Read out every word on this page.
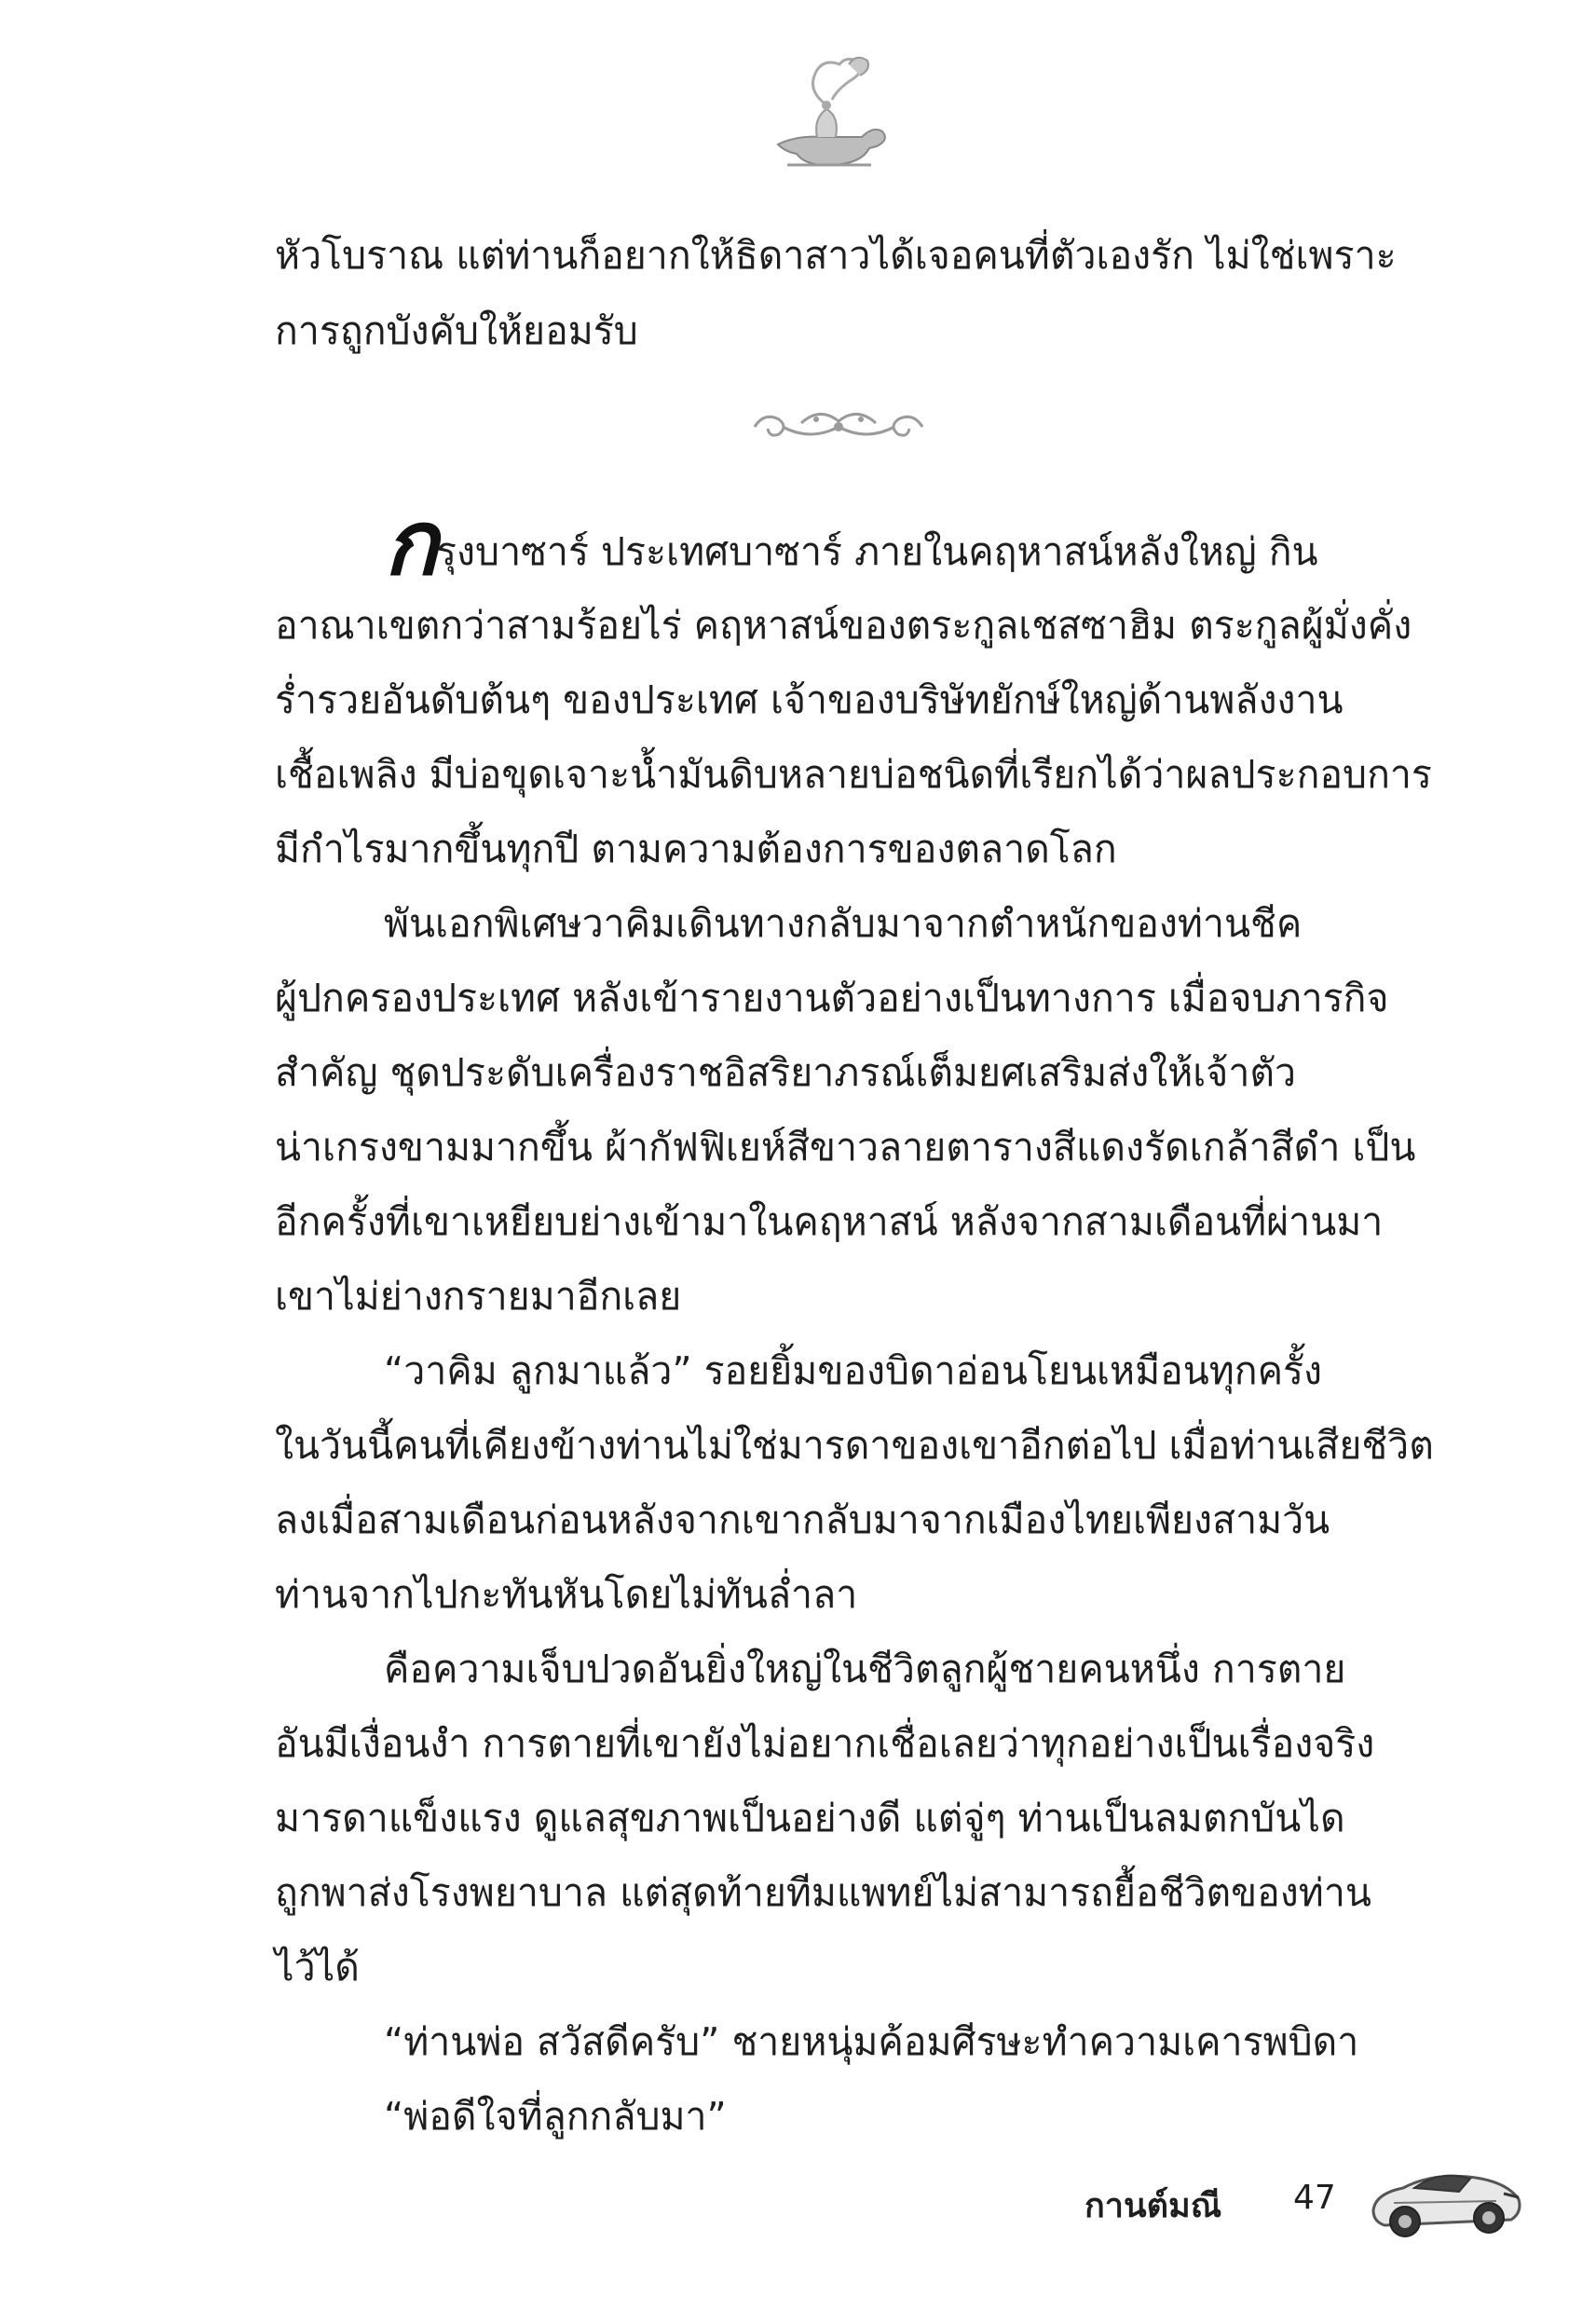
หัวโบราณ แต่ท่านก็อยากให้ธิดาสาวได้เจอคนที่ตัวเองรัก ไม่ใช่เพราะ
การถูกบังคับให้ยอมรับ
ก
รุงบาซาร์ ประเทศบาซาร์ ภายในคฤหาสน์หลังใหญ่ กิน
อาณาเขตกว่าสามร้อยไร่ คฤหาสน์ของตระกูลเชสซาฮิม ตระกูลผู้มั่งคั่ง
ร่ำรวยอันดับต้นๆ ของประเทศ เจ้าของบริษัทยักษ์ใหญ่ด้านพลังงาน
เชื้อเพลิง มีบ่อขุดเจาะน้ำมันดิบหลายบ่อชนิดที่เรียกได้ว่าผลประกอบการ
มีกำไรมากขึ้นทุกปี ตามความต้องการของตลาดโลก
พันเอกพิเศษวาคิมเดินทางกลับมาจากตำหนักของท่านชีค
ผู้ปกครองประเทศ หลังเข้ารายงานตัวอย่างเป็นทางการ เมื่อจบภารกิจ
สำคัญ ชุดประดับเครื่องราชอิสริยาภรณ์เต็มยศเสริมส่งให้เจ้าตัว
น่าเกรงขามมากขึ้น ผ้ากัฟฟิเยห์สีขาวลายตารางสีแดงรัดเกล้าสีดำ เป็น
อีกครั้งที่เขาเหยียบย่างเข้ามาในคฤหาสน์ หลังจากสามเดือนที่ผ่านมา
เขาไม่ย่างกรายมาอีกเลย
“วาคิม ลูกมาแล้ว” รอยยิ้มของบิดาอ่อนโยนเหมือนทุกครั้ง
ในวันนี้คนที่เคียงข้างท่านไม่ใช่มารดาของเขาอีกต่อไป เมื่อท่านเสียชีวิต
ลงเมื่อสามเดือนก่อนหลังจากเขากลับมาจากเมืองไทยเพียงสามวัน
ท่านจากไปกะทันหันโดยไม่ทันล่ำลา
คือความเจ็บปวดอันยิ่งใหญ่ในชีวิตลูกผู้ชายคนหนึ่ง การตาย
อันมีเงื่อนงำ การตายที่เขายังไม่อยากเชื่อเลยว่าทุกอย่างเป็นเรื่องจริง
มารดาแข็งแรง ดูแลสุขภาพเป็นอย่างดี แต่จู่ๆ ท่านเป็นลมตกบันได
ถูกพาส่งโรงพยาบาล แต่สุดท้ายทีมแพทย์ไม่สามารถยื้อชีวิตของท่าน
ไว้ได้
“ท่านพ่อ สวัสดีครับ” ชายหนุ่มค้อมศีรษะทำความเคารพบิดา
“พ่อดีใจที่ลูกกลับมา”
กานต์มณี 47
